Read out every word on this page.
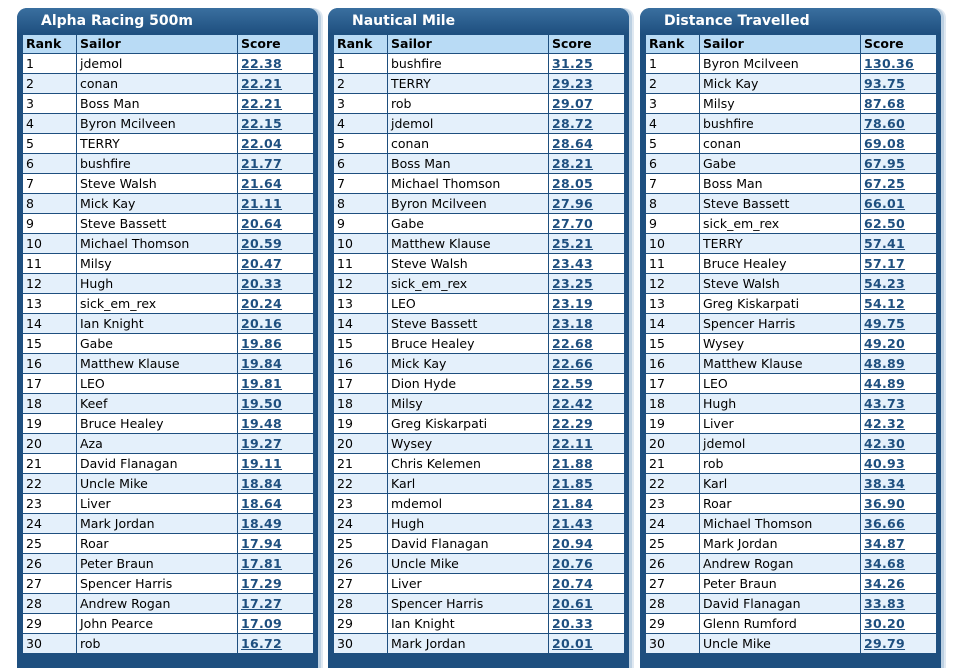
Alpha Racing 500m
Rank	Sailor	Score
1	jdemol	22.38
2	conan	22.21
3	Boss Man	22.21
4	Byron Mcilveen	22.15
5	TERRY	22.04
6	bushfire	21.77
7	Steve Walsh	21.64
8	Mick Kay	21.11
9	Steve Bassett	20.64
10	Michael Thomson	20.59
11	Milsy	20.47
12	Hugh	20.33
13	sick_em_rex	20.24
14	Ian Knight	20.16
15	Gabe	19.86
16	Matthew Klause	19.84
17	LEO	19.81
18	Keef	19.50
19	Bruce Healey	19.48
20	Aza	19.27
21	David Flanagan	19.11
22	Uncle Mike	18.84
23	Liver	18.64
24	Mark Jordan	18.49
25	Roar	17.94
26	Peter Braun	17.81
27	Spencer Harris	17.29
28	Andrew Rogan	17.27
29	John Pearce	17.09
30	rob	16.72
Nautical Mile
Rank	Sailor	Score
1	bushfire	31.25
2	TERRY	29.23
3	rob	29.07
4	jdemol	28.72
5	conan	28.64
6	Boss Man	28.21
7	Michael Thomson	28.05
8	Byron Mcilveen	27.96
9	Gabe	27.70
10	Matthew Klause	25.21
11	Steve Walsh	23.43
12	sick_em_rex	23.25
13	LEO	23.19
14	Steve Bassett	23.18
15	Bruce Healey	22.68
16	Mick Kay	22.66
17	Dion Hyde	22.59
18	Milsy	22.42
19	Greg Kiskarpati	22.29
20	Wysey	22.11
21	Chris Kelemen	21.88
22	Karl	21.85
23	mdemol	21.84
24	Hugh	21.43
25	David Flanagan	20.94
26	Uncle Mike	20.76
27	Liver	20.74
28	Spencer Harris	20.61
29	Ian Knight	20.33
30	Mark Jordan	20.01
Distance Travelled
Rank	Sailor	Score
1	Byron Mcilveen	130.36
2	Mick Kay	93.75
3	Milsy	87.68
4	bushfire	78.60
5	conan	69.08
6	Gabe	67.95
7	Boss Man	67.25
8	Steve Bassett	66.01
9	sick_em_rex	62.50
10	TERRY	57.41
11	Bruce Healey	57.17
12	Steve Walsh	54.23
13	Greg Kiskarpati	54.12
14	Spencer Harris	49.75
15	Wysey	49.20
16	Matthew Klause	48.89
17	LEO	44.89
18	Hugh	43.73
19	Liver	42.32
20	jdemol	42.30
21	rob	40.93
22	Karl	38.34
23	Roar	36.90
24	Michael Thomson	36.66
25	Mark Jordan	34.87
26	Andrew Rogan	34.68
27	Peter Braun	34.26
28	David Flanagan	33.83
29	Glenn Rumford	30.20
30	Uncle Mike	29.79
